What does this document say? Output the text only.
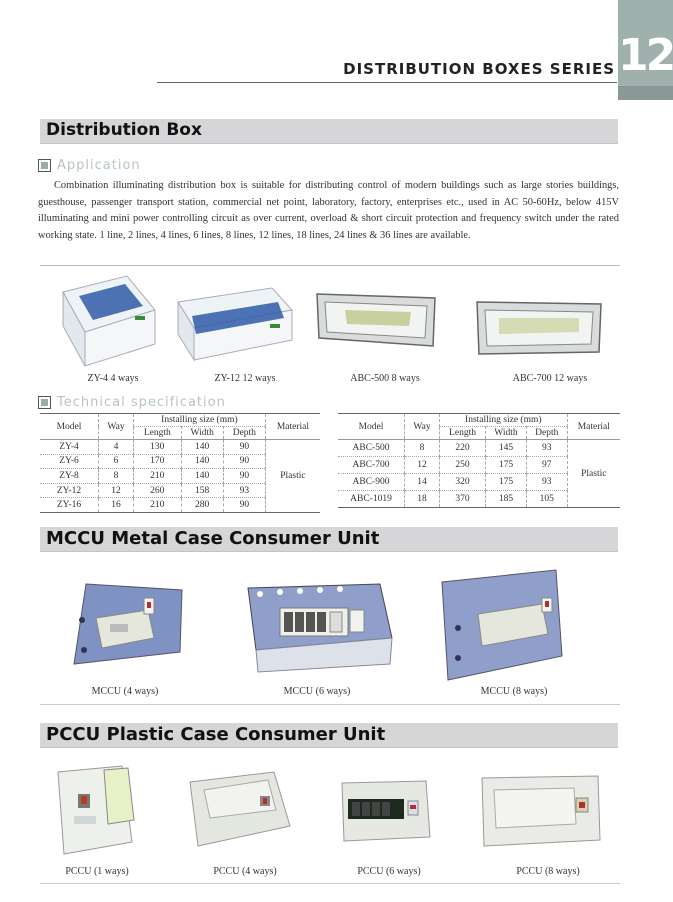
12
DISTRIBUTION BOXES SERIES
Distribution Box
Application
Combination illuminating distribution box is suitable for distributing control of modern buildings such as large stories buildings, guesthouse, passenger transport station, commercial net point, laboratory, factory, enterprises etc., used in AC 50-60Hz, below 415V illuminating and mini power controlling circuit as over current, overload & short circuit protection and frequency switch under the rated working state. 1 line, 2 lines, 4 lines, 6 lines, 8 lines, 12 lines, 18 lines, 24 lines & 36 lines are available.
ZY-4 4 ways	ZY-12 12 ways	ABC-500 8 ways	ABC-700 12 ways
Technical specification
Model	Way	Installing size (mm)			Material
		Length	Width	Depth	
ZY-4	4	130	140	90	Plastic
ZY-6	6	170	140	90	
ZY-8	8	210	140	90	
ZY-12	12	260	158	93	
ZY-16	16	210	280	90	
Model	Way	Installing size (mm)			Material
		Length	Width	Depth	
ABC-500	8	220	145	93	Plastic
ABC-700	12	250	175	97	
ABC-900	14	320	175	93	
ABC-1019	18	370	185	105	
MCCU Metal Case Consumer Unit
MCCU (4 ways)	MCCU (6 ways)	MCCU (8 ways)
PCCU Plastic Case Consumer Unit
PCCU (1 ways)	PCCU (4 ways)	PCCU (6 ways)	PCCU (8 ways)
